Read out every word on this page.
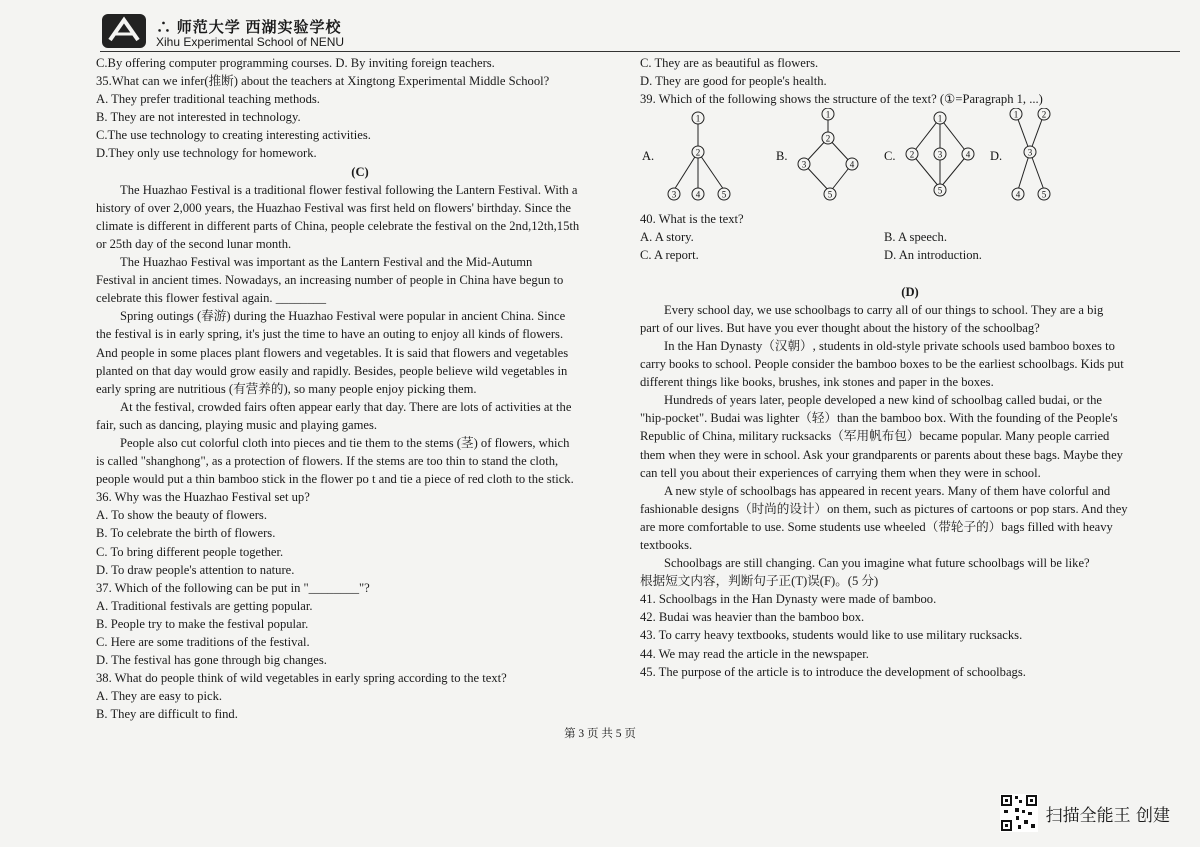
∴ 师范大学 西湖实验学校
Xihu Experimental School of NENU

C.By offering computer programming courses. D. By inviting foreign teachers.

35.What can we infer(推断) about the teachers at Xingtong Experimental Middle School?

A. They prefer traditional teaching methods.

B. They are not interested in technology.

C.The use technology to creating interesting activities.

D.They only use technology for homework.

(C)

The Huazhao Festival is a traditional flower festival following the Lantern Festival. With a

history of over 2,000 years, the Huazhao Festival was first held on flowers' birthday. Since the

climate is different in different parts of China, people celebrate the festival on the 2nd,12th,15th

or 25th day of the second lunar month.

The Huazhao Festival was important as the Lantern Festival and the Mid-Autumn

Festival in ancient times. Nowadays, an increasing number of people in China have begun to

celebrate this flower festival again. ________

Spring outings (春游) during the Huazhao Festival were popular in ancient China. Since

the festival is in early spring, it's just the time to have an outing to enjoy all kinds of flowers.

And people in some places plant flowers and vegetables. It is said that flowers and vegetables

planted on that day would grow easily and rapidly. Besides, people believe wild vegetables in

early spring are nutritious (有营养的), so many people enjoy picking them.

At the festival, crowded fairs often appear early that day. There are lots of activities at the

fair, such as dancing, playing music and playing games.

People also cut colorful cloth into pieces and tie them to the stems (茎) of flowers, which

is called "shanghong", as a protection of flowers. If the stems are too thin to stand the cloth,

people would put a thin bamboo stick in the flower po t and tie a piece of red cloth to the stick.

36. Why was the Huazhao Festival set up?

A. To show the beauty of flowers.

B. To celebrate the birth of flowers.

C. To bring different people together.

D. To draw people's attention to nature.

37. Which of the following can be put in "________"?

A. Traditional festivals are getting popular.

B. People try to make the festival popular.

C. Here are some traditions of the festival.

D. The festival has gone through big changes.

38. What do people think of wild vegetables in early spring according to the text?

A. They are easy to pick.

B. They are difficult to find.

C. They are as beautiful as flowers.

D. They are good for people's health.

39. Which of the following shows the structure of the text? (①=Paragraph 1, ...)

A.
1
2
3 4 5
B.
1
2
3	4
5
C.
1
2	3	4
5
D.
1	2
3
4 5

40. What is the text?

A. A story.	B. A speech.
C. A report.	D. An introduction.

(D)

Every school day, we use schoolbags to carry all of our things to school. They are a big

part of our lives. But have you ever thought about the history of the schoolbag?

In the Han Dynasty（汉朝）, students in old-style private schools used bamboo boxes to

carry books to school. People consider the bamboo boxes to be the earliest schoolbags. Kids put

different things like books, brushes, ink stones and paper in the boxes.

Hundreds of years later, people developed a new kind of schoolbag called budai, or the

"hip-pocket". Budai was lighter（轻）than the bamboo box. With the founding of the People's

Republic of China, military rucksacks（军用帆布包）became popular. Many people carried

them when they were in school. Ask your grandparents or parents about these bags. Maybe they

can tell you about their experiences of carrying them when they were in school.

A new style of schoolbags has appeared in recent years. Many of them have colorful and

fashionable designs（时尚的设计）on them, such as pictures of cartoons or pop stars. And they

are more comfortable to use. Some students use wheeled（带轮子的）bags filled with heavy

textbooks.

Schoolbags are still changing. Can you imagine what future schoolbags will be like?

根据短文内容，判断句子正(T)误(F)。(5 分)

41. Schoolbags in the Han Dynasty were made of bamboo.

42. Budai was heavier than the bamboo box.

43. To carry heavy textbooks, students would like to use military rucksacks.

44. We may read the article in the newspaper.

45. The purpose of the article is to introduce the development of schoolbags.

第 3 页 共 5 页
扫描全能王 创建
